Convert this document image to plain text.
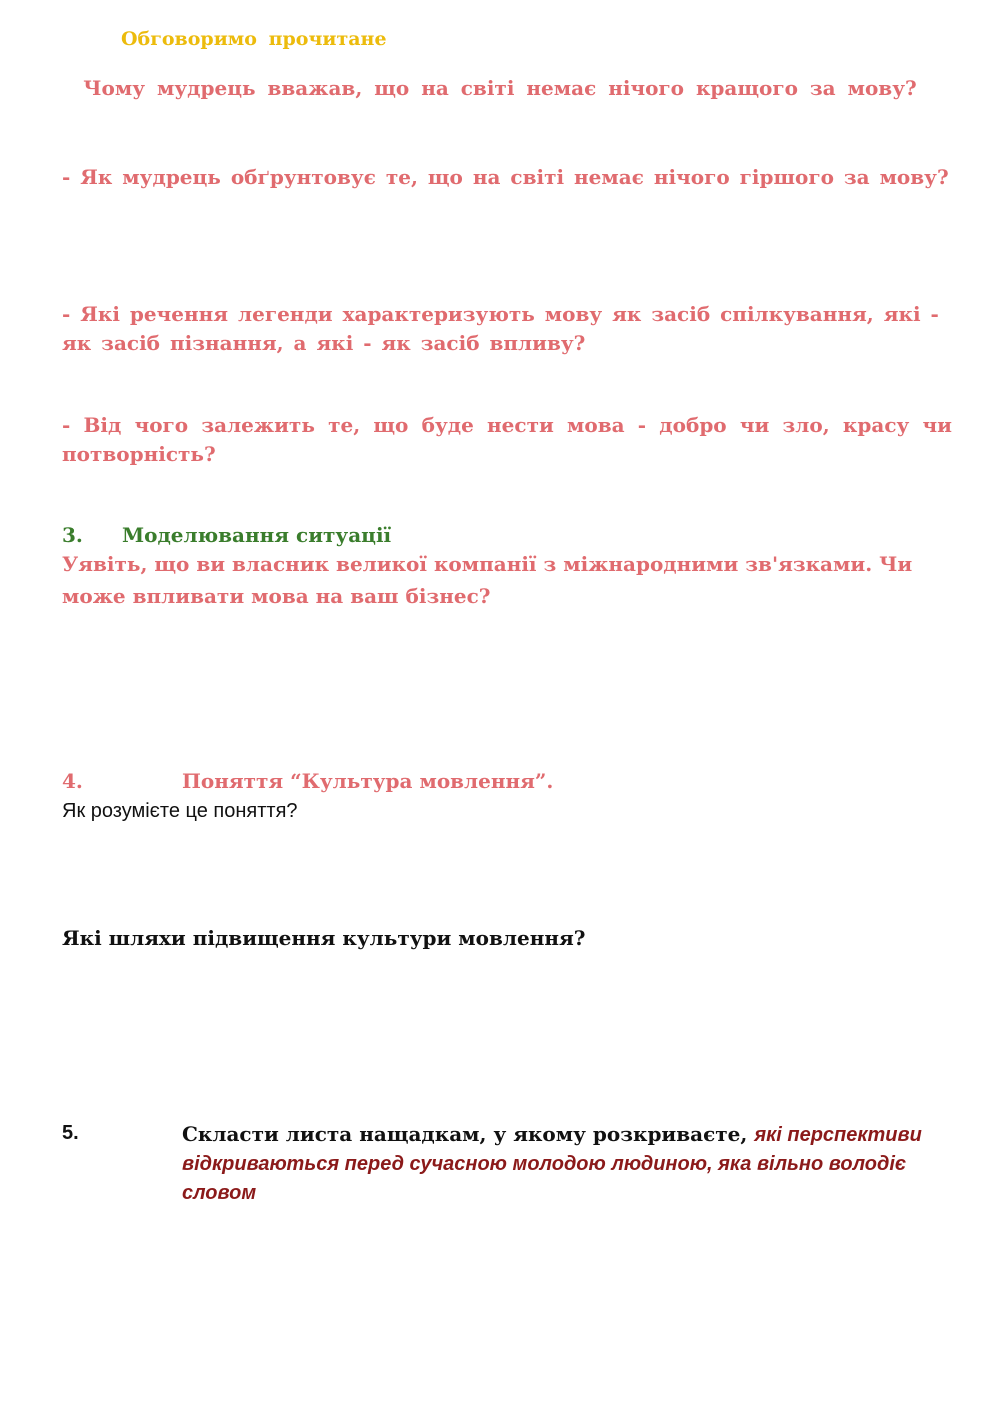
Обговоримо прочитане
Чому мудрець вважав, що на світі немає нічого кращого за мову?
- Як мудрець обґрунтовує те, що на світі немає нічого гіршого за мову?
- Які речення легенди характеризують мову як засіб спілкування, які - як засіб пізнання, а які - як засіб впливу?
- Від чого залежить те, що буде нести мова - добро чи зло, красу чи потворність?
3. Моделювання ситуації
Уявіть, що ви власник великої компанії з міжнародними зв'язками. Чи може впливати мова на ваш бізнес?
4.	Поняття “Культура мовлення”.
Як розумієте це поняття?
Які шляхи підвищення культури мовлення?
5.	Скласти листа нащадкам, у якому розкриваєте, які перспективи відкриваються перед сучасною молодою людиною, яка вільно володіє словом
